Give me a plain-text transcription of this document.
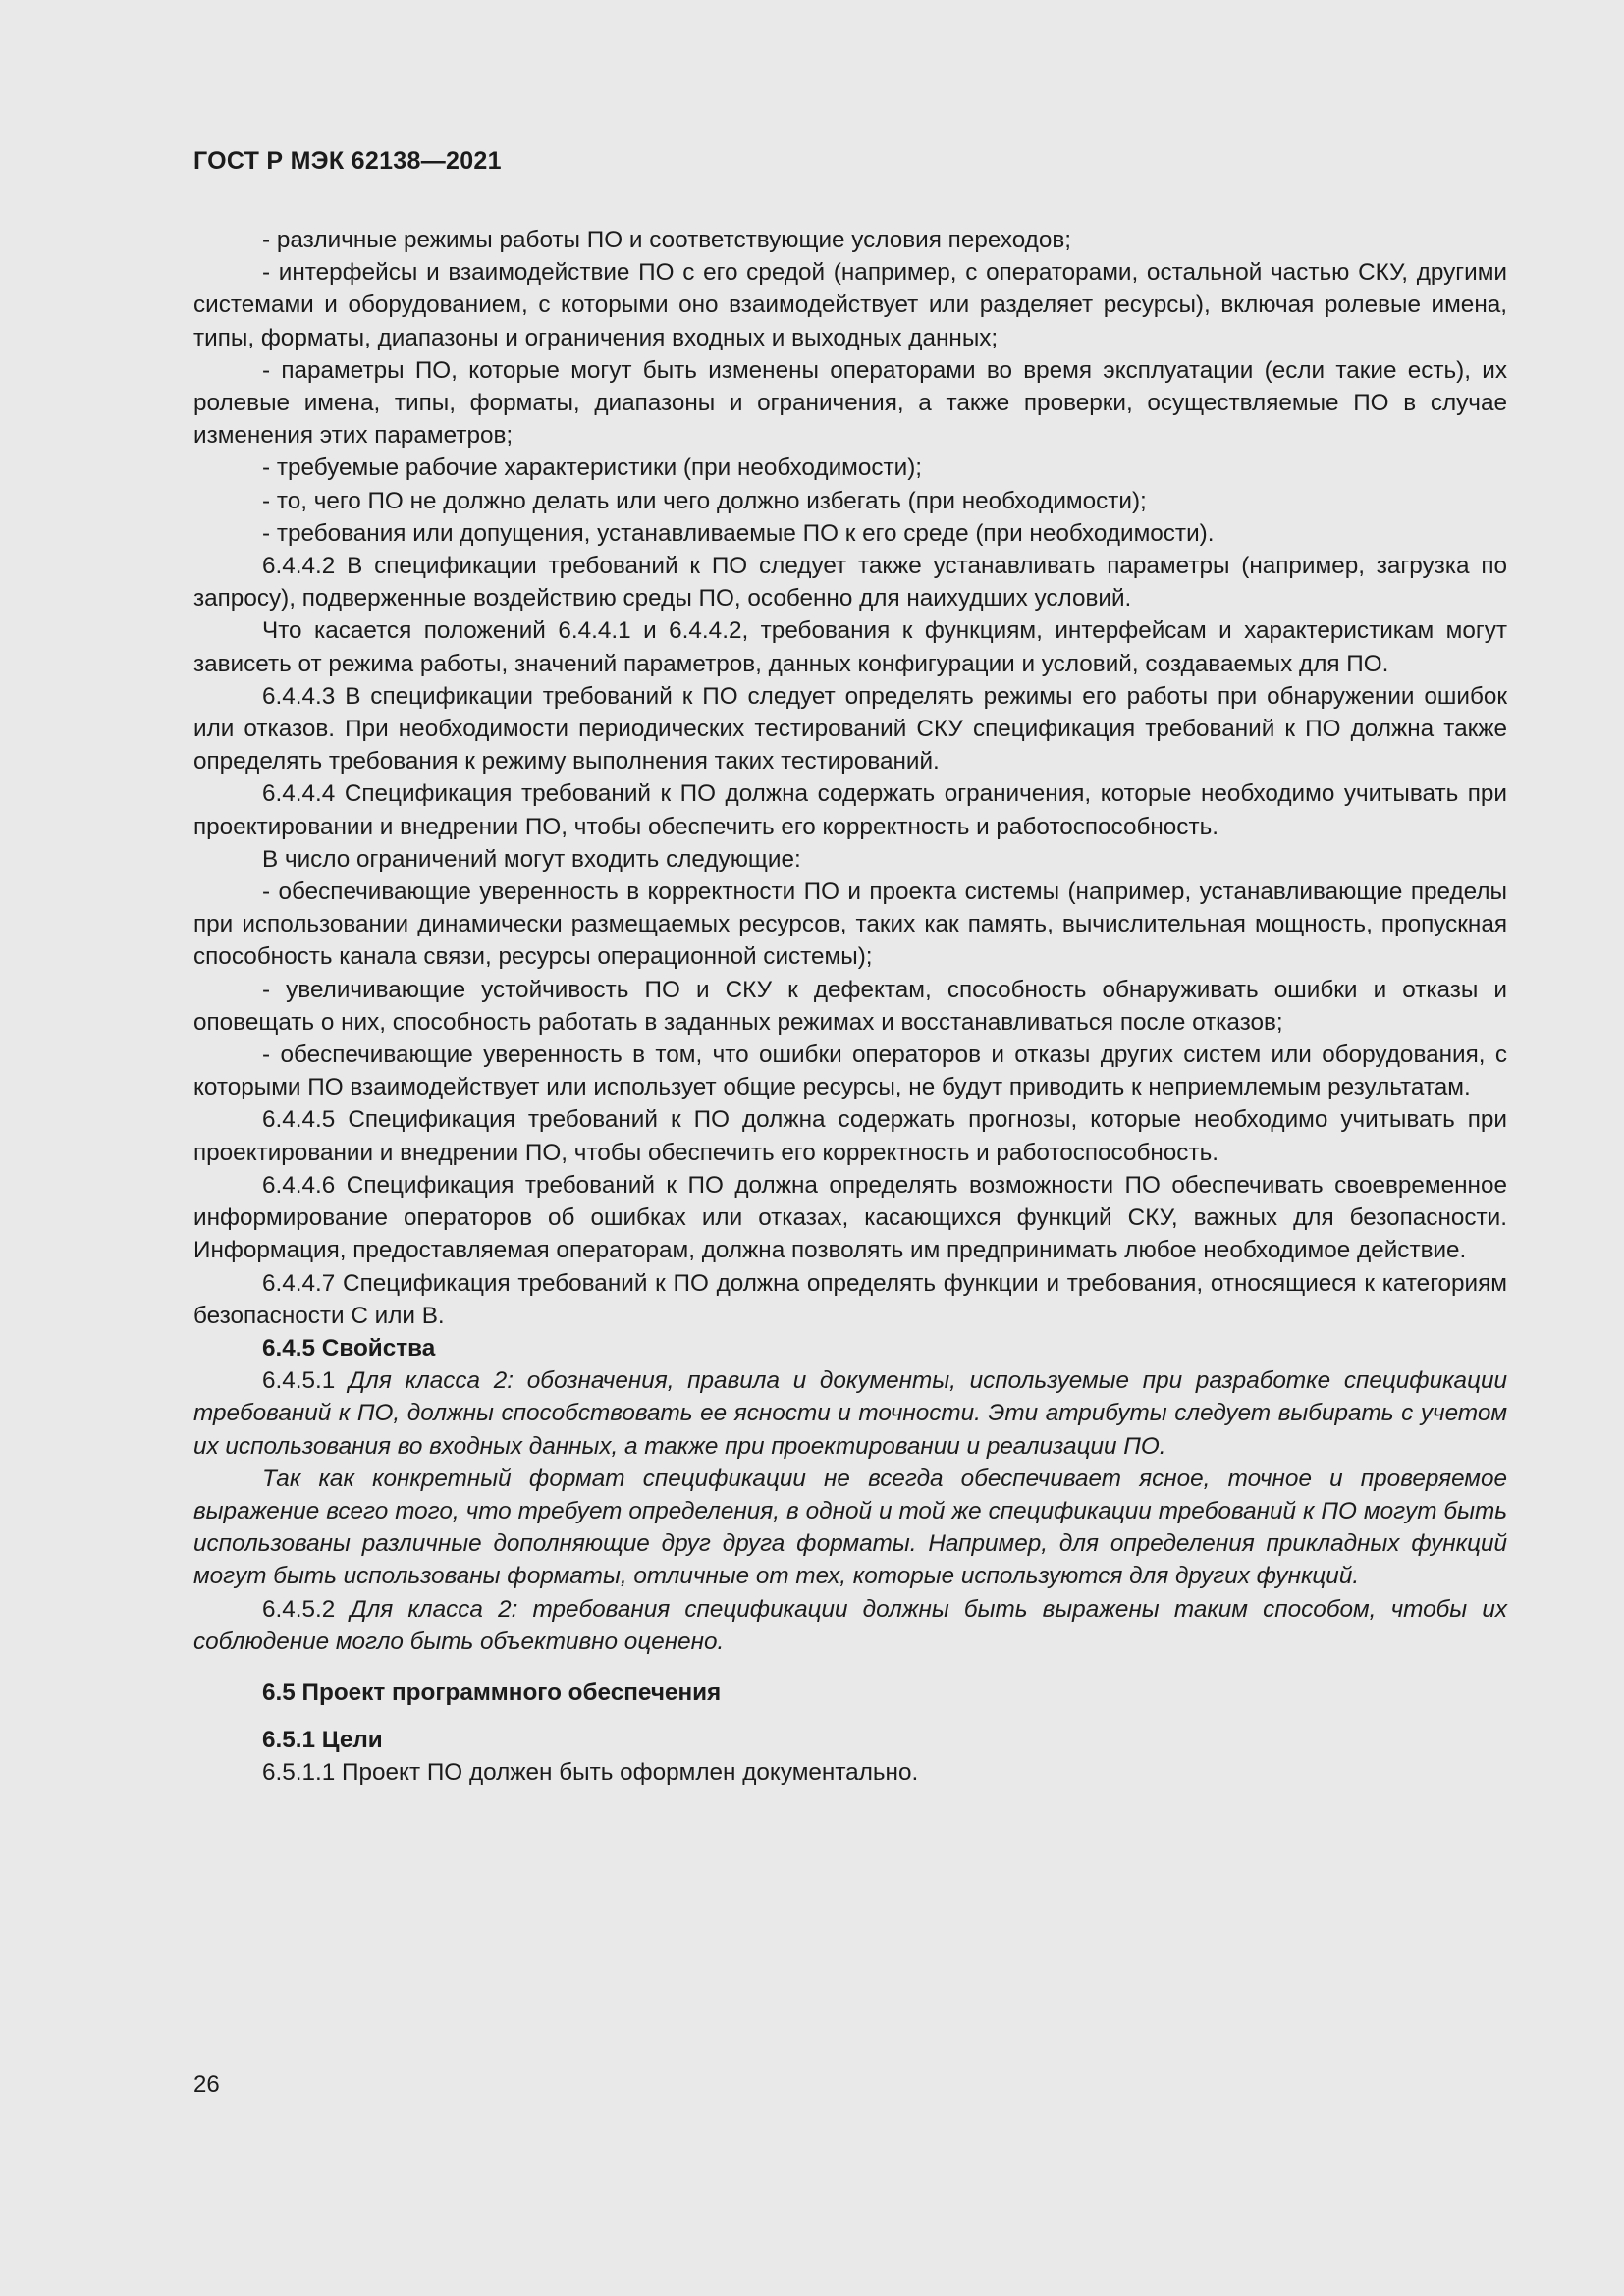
ГОСТ Р МЭК 62138—2021

- различные режимы работы ПО и соответствующие условия переходов;

- интерфейсы и взаимодействие ПО с его средой (например, с операторами, остальной частью СКУ, другими системами и оборудованием, с которыми оно взаимодействует или разделяет ресурсы), включая ролевые имена, типы, форматы, диапазоны и ограничения входных и выходных данных;

- параметры ПО, которые могут быть изменены операторами во время эксплуатации (если такие есть), их ролевые имена, типы, форматы, диапазоны и ограничения, а также проверки, осуществляемые ПО в случае изменения этих параметров;

- требуемые рабочие характеристики (при необходимости);

- то, чего ПО не должно делать или чего должно избегать (при необходимости);

- требования или допущения, устанавливаемые ПО к его среде (при необходимости).

6.4.4.2 В спецификации требований к ПО следует также устанавливать параметры (например, загрузка по запросу), подверженные воздействию среды ПО, особенно для наихудших условий.

Что касается положений 6.4.4.1 и 6.4.4.2, требования к функциям, интерфейсам и характеристикам могут зависеть от режима работы, значений параметров, данных конфигурации и условий, создаваемых для ПО.

6.4.4.3 В спецификации требований к ПО следует определять режимы его работы при обнаружении ошибок или отказов. При необходимости периодических тестирований СКУ спецификация требований к ПО должна также определять требования к режиму выполнения таких тестирований.

6.4.4.4 Спецификация требований к ПО должна содержать ограничения, которые необходимо учитывать при проектировании и внедрении ПО, чтобы обеспечить его корректность и работоспособность.

В число ограничений могут входить следующие:

- обеспечивающие уверенность в корректности ПО и проекта системы (например, устанавливающие пределы при использовании динамически размещаемых ресурсов, таких как память, вычислительная мощность, пропускная способность канала связи, ресурсы операционной системы);

- увеличивающие устойчивость ПО и СКУ к дефектам, способность обнаруживать ошибки и отказы и оповещать о них, способность работать в заданных режимах и восстанавливаться после отказов;

- обеспечивающие уверенность в том, что ошибки операторов и отказы других систем или оборудования, с которыми ПО взаимодействует или использует общие ресурсы, не будут приводить к неприемлемым результатам.

6.4.4.5 Спецификация требований к ПО должна содержать прогнозы, которые необходимо учитывать при проектировании и внедрении ПО, чтобы обеспечить его корректность и работоспособность.

6.4.4.6 Спецификация требований к ПО должна определять возможности ПО обеспечивать своевременное информирование операторов об ошибках или отказах, касающихся функций СКУ, важных для безопасности. Информация, предоставляемая операторам, должна позволять им предпринимать любое необходимое действие.

6.4.4.7 Спецификация требований к ПО должна определять функции и требования, относящиеся к категориям безопасности С или В.

6.4.5 Свойства

6.4.5.1 Для класса 2: обозначения, правила и документы, используемые при разработке спецификации требований к ПО, должны способствовать ее ясности и точности. Эти атрибуты следует выбирать с учетом их использования во входных данных, а также при проектировании и реализации ПО.

Так как конкретный формат спецификации не всегда обеспечивает ясное, точное и проверяемое выражение всего того, что требует определения, в одной и той же спецификации требований к ПО могут быть использованы различные дополняющие друг друга форматы. Например, для определения прикладных функций могут быть использованы форматы, отличные от тех, которые используются для других функций.

6.4.5.2 Для класса 2: требования спецификации должны быть выражены таким способом, чтобы их соблюдение могло быть объективно оценено.

6.5 Проект программного обеспечения

6.5.1 Цели

6.5.1.1 Проект ПО должен быть оформлен документально.

26
